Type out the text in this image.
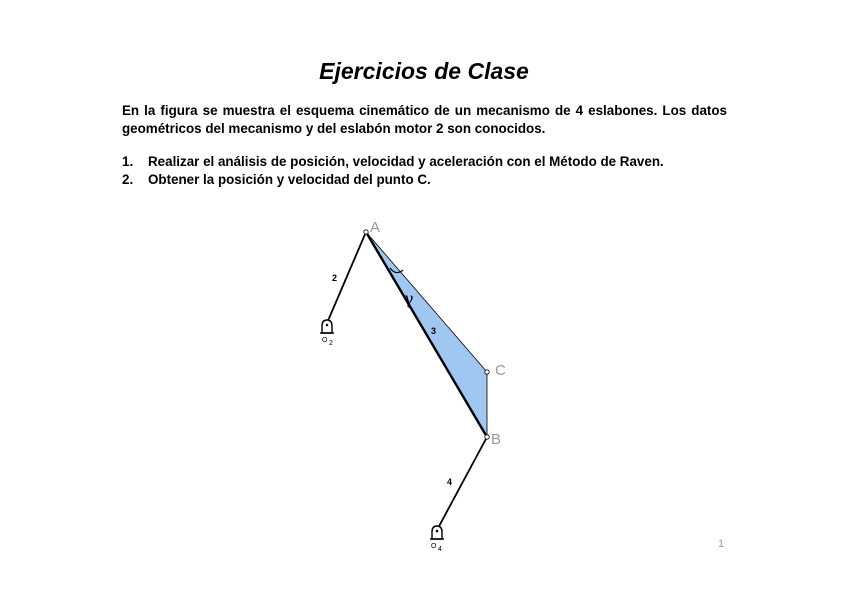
Ejercicios de Clase
En la figura se muestra el esquema cinemático de un mecanismo de 4 eslabones. Los datos geométricos del mecanismo y del eslabón motor 2 son conocidos.
1. Realizar el análisis de posición, velocidad y aceleración con el Método de Raven.
2. Obtener la posición y velocidad del punto C.
γ
O 2
O 4
2
3
4
A
C
B
1
